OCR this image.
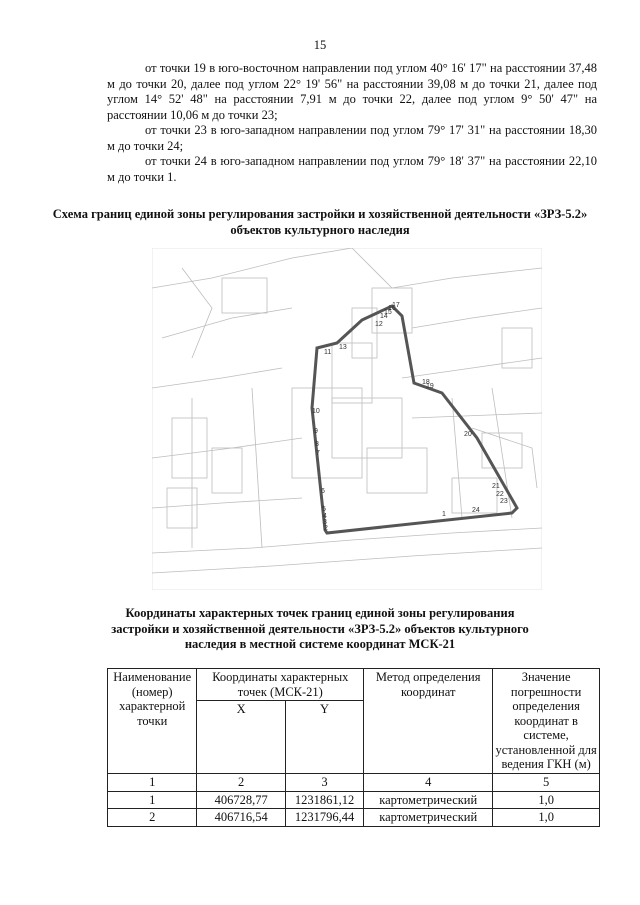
15

от точки 19 в юго-восточном направлении под углом 40° 16' 17" на расстоянии 37,48 м до точки 20, далее под углом 22° 19' 56" на расстоянии 39,08 м до точки 21, далее под углом 14° 52' 48" на расстоянии 7,91 м до точки 22, далее под углом 9° 50' 47" на расстоянии 10,06 м до точки 23;

от точки 23 в юго-западном направлении под углом 79° 17' 31" на расстоянии 18,30 м до точки 24;

от точки 24 в юго-западном направлении под углом 79° 18' 37" на расстоянии 22,10 м до точки 1.

Схема границ единой зоны регулирования застройки и хозяйственной деятельности «ЗРЗ-5.2» объектов культурного наследия
12
13
14
15
16
17
18
19
20
21
22
23
24
10
9
8
7
6
5
4
3
2
1
11
Координаты характерных точек границ единой зоны регулирования застройки и хозяйственной деятельности «ЗРЗ-5.2» объектов культурного наследия в местной системе координат МСК-21
Наименование (номер) характерной точки	Координаты характерных точек (МСК-21)		Метод определения координат	Значение погрешности определения координат в системе, установленной для ведения ГКН (м)
	X	Y		
1	2	3	4	5
1	406728,77	1231861,12	картометрический	1,0
2	406716,54	1231796,44	картометрический	1,0
